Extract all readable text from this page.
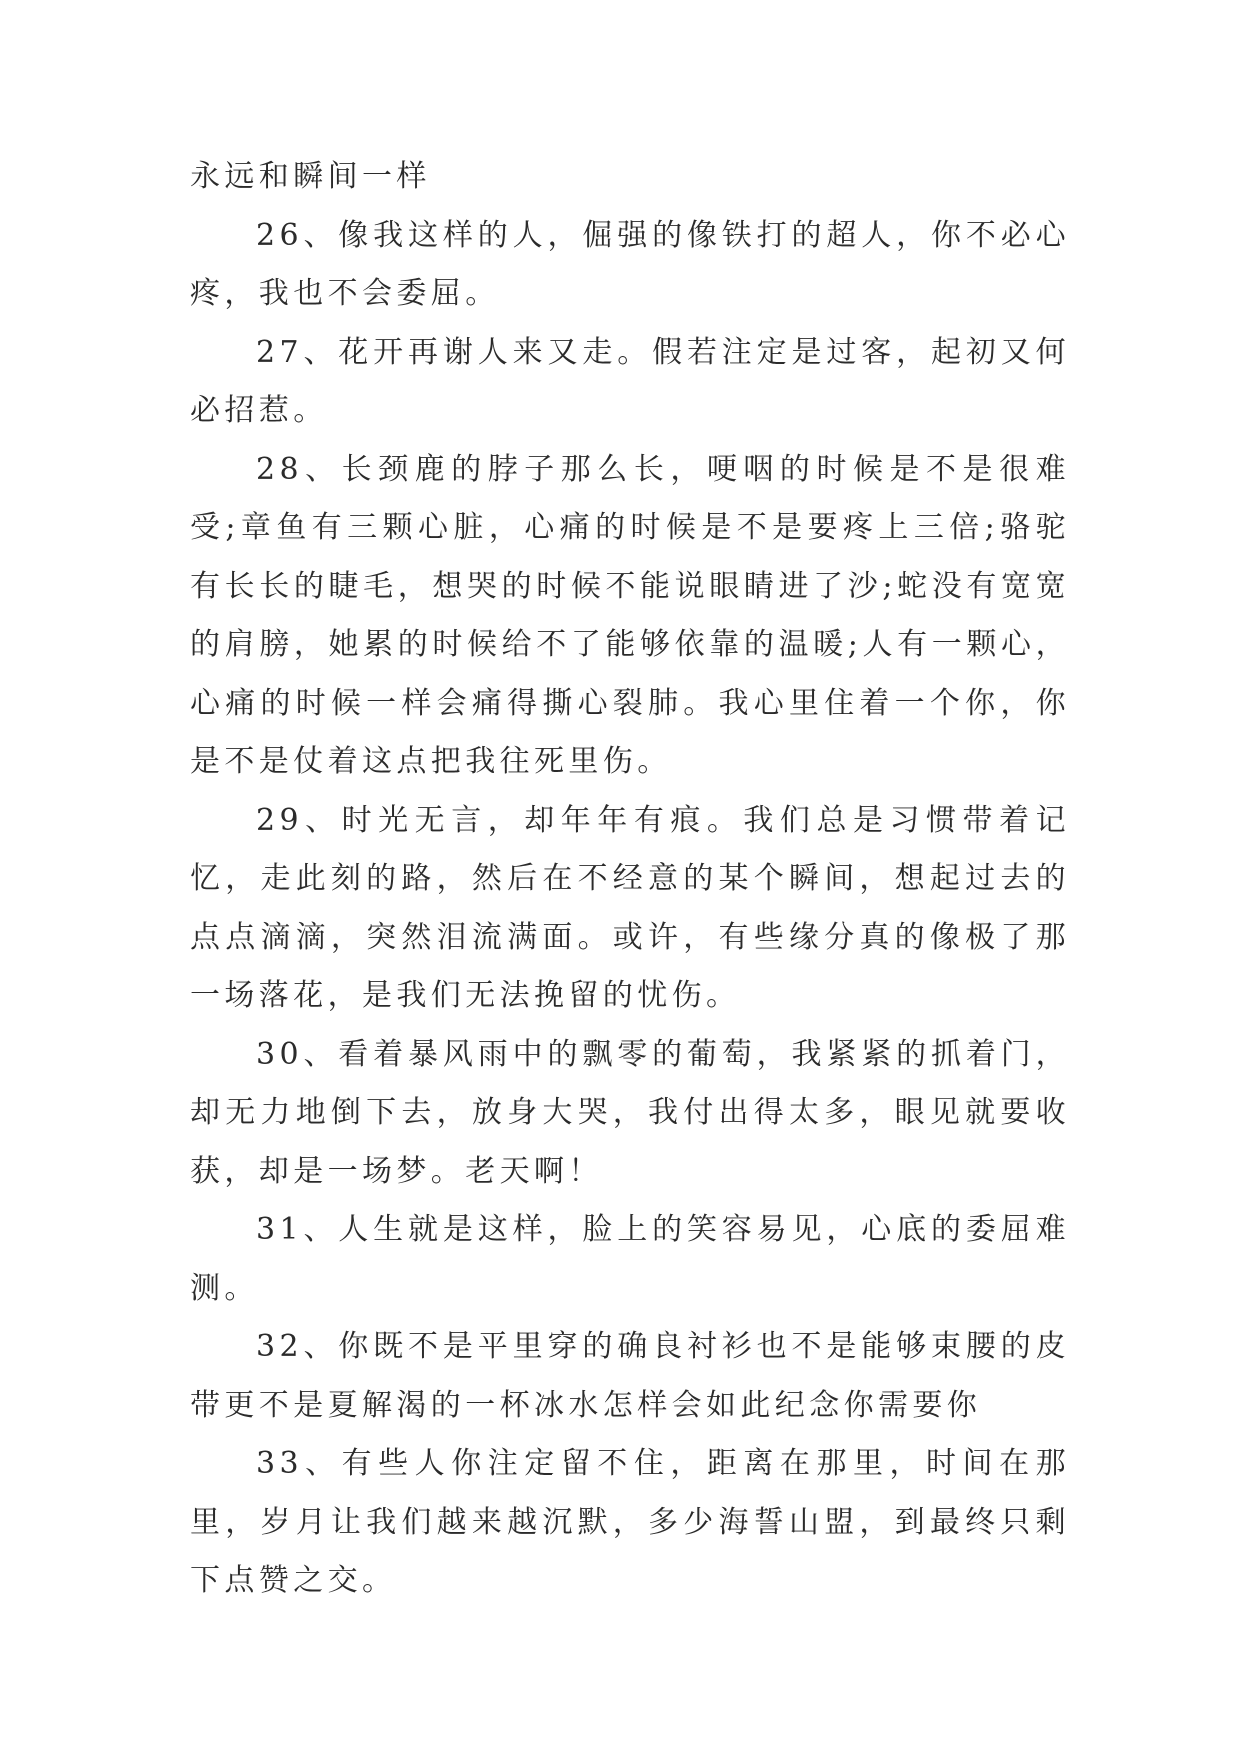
永远和瞬间一样

26、像我这样的人，倔强的像铁打的超人，你不必心疼，我也不会委屈。

27、花开再谢人来又走。假若注定是过客，起初又何必招惹。

28、长颈鹿的脖子那么长，哽咽的时候是不是很难受;章鱼有三颗心脏，心痛的时候是不是要疼上三倍;骆驼有长长的睫毛，想哭的时候不能说眼睛进了沙;蛇没有宽宽的肩膀，她累的时候给不了能够依靠的温暖;人有一颗心，心痛的时候一样会痛得撕心裂肺。我心里住着一个你，你是不是仗着这点把我往死里伤。

29、时光无言，却年年有痕。我们总是习惯带着记忆，走此刻的路，然后在不经意的某个瞬间，想起过去的点点滴滴，突然泪流满面。或许，有些缘分真的像极了那一场落花，是我们无法挽留的忧伤。

30、看着暴风雨中的飘零的葡萄，我紧紧的抓着门，却无力地倒下去，放身大哭，我付出得太多，眼见就要收获，却是一场梦。老天啊！

31、人生就是这样，脸上的笑容易见，心底的委屈难测。

32、你既不是平里穿的确良衬衫也不是能够束腰的皮带更不是夏解渴的一杯冰水怎样会如此纪念你需要你

33、有些人你注定留不住，距离在那里，时间在那里，岁月让我们越来越沉默，多少海誓山盟，到最终只剩下点赞之交。
